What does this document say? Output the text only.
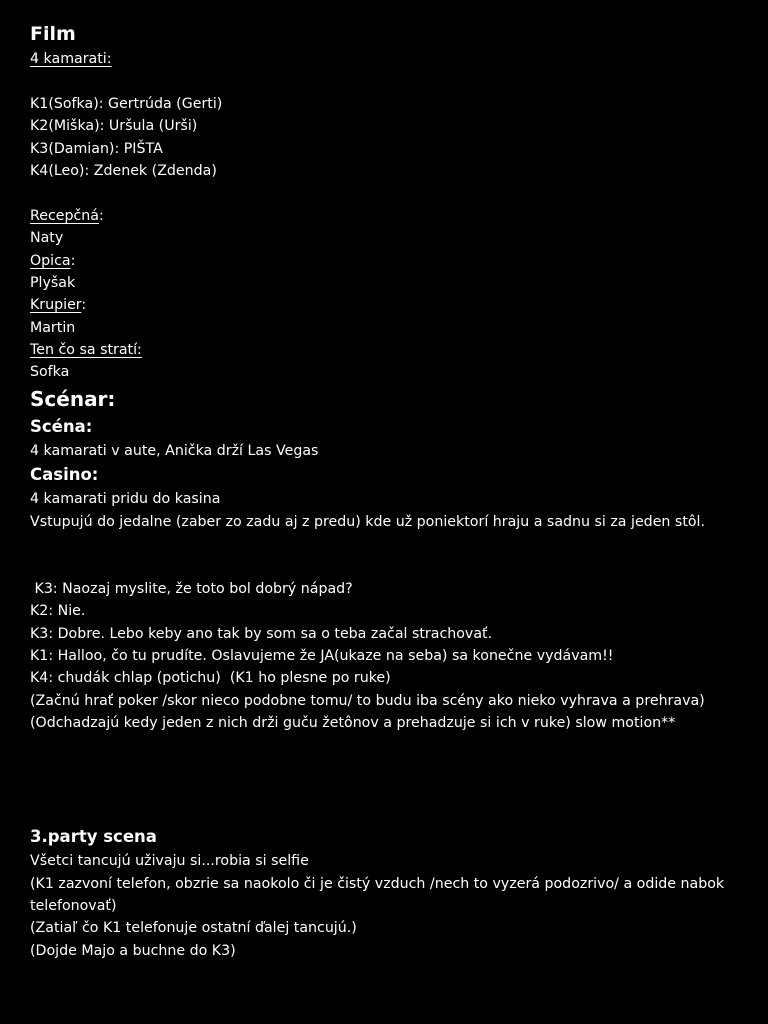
Film
4 kamarati:
K1(Sofka): Gertrúda (Gerti)
K2(Miška): Uršula (Urši)
K3(Damian): PIŠTA
K4(Leo): Zdenek (Zdenda)
Recepčná:
Naty
Opica:
Plyšak
Krupier:
Martin
Ten čo sa stratí:
Sofka
Scénar:
Scéna:
4 kamarati v aute, Anička drží Las Vegas
Casino:
4 kamarati pridu do kasina
Vstupujú do jedalne (zaber zo zadu aj z predu) kde už poniektorí hraju a sadnu si za jeden stôl.
K3: Naozaj myslite, že toto bol dobrý nápad?
K2: Nie.
K3: Dobre. Lebo keby ano tak by som sa o teba začal strachovať.
K1: Halloo, čo tu prudíte. Oslavujeme že JA(ukaze na seba) sa konečne vydávam!!
K4: chudák chlap (potichu)  (K1 ho plesne po ruke)
(Začnú hrať poker /skor nieco podobne tomu/ to budu iba scény ako nieko vyhrava a prehrava)
(Odchadzajú kedy jeden z nich drži guču žetônov a prehadzuje si ich v ruke) slow motion**
3.party scena
Všetci tancujú uživaju si...robia si selfie
(K1 zazvoní telefon, obzrie sa naokolo či je čistý vzduch /nech to vyzerá podozrivo/ a odide nabok telefonovať)
(Zatiaľ čo K1 telefonuje ostatní ďalej tancujú.)
(Dojde Majo a buchne do K3)
